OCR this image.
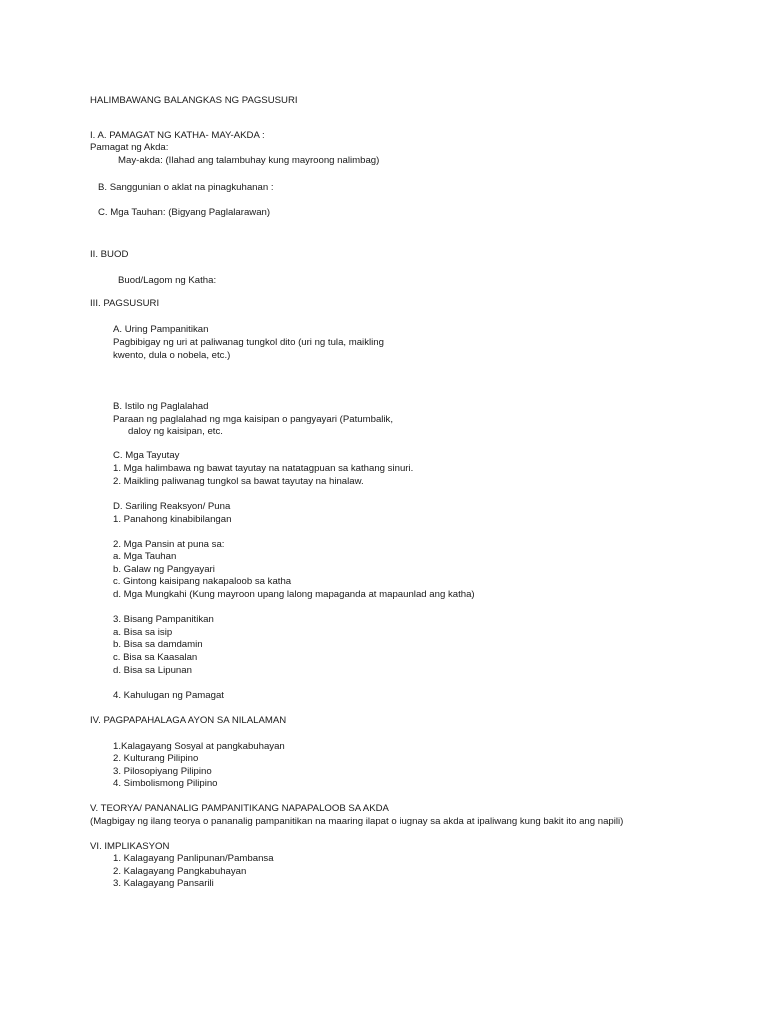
HALIMBAWANG BALANGKAS NG PAGSUSURI
I. A. PAMAGAT NG KATHA- MAY-AKDA :
Pamagat ng Akda:
May-akda: (Ilahad ang talambuhay kung mayroong nalimbag)
B. Sanggunian o aklat na pinagkuhanan :
C. Mga Tauhan: (Bigyang Paglalarawan)
II. BUOD
Buod/Lagom ng Katha:
III. PAGSUSURI
A. Uring Pampanitikan
Pagbibigay ng uri at paliwanag tungkol dito (uri ng tula, maikling
kwento, dula o nobela, etc.)
B. Istilo ng Paglalahad
Paraan ng paglalahad ng mga kaisipan o pangyayari (Patumbalik,
daloy ng kaisipan, etc.
C. Mga Tayutay
1. Mga halimbawa ng bawat tayutay na natatagpuan sa kathang sinuri.
2. Maikling paliwanag tungkol sa bawat tayutay na hinalaw.
D. Sariling Reaksyon/ Puna
1. Panahong kinabibilangan
2. Mga Pansin at puna sa:
a. Mga Tauhan
b. Galaw ng Pangyayari
c. Gintong kaisipang nakapaloob sa katha
d. Mga Mungkahi (Kung mayroon upang lalong mapaganda at mapaunlad ang katha)
3. Bisang Pampanitikan
a. Bisa sa isip
b. Bisa sa damdamin
c. Bisa sa Kaasalan
d. Bisa sa Lipunan
4. Kahulugan ng Pamagat
IV. PAGPAPAHALAGA AYON SA NILALAMAN
1.Kalagayang Sosyal at pangkabuhayan
2. Kulturang Pilipino
3. Pilosopiyang Pilipino
4. Simbolismong Pilipino
V. TEORYA/ PANANALIG PAMPANITIKANG NAPAPALOOB SA AKDA
(Magbigay ng ilang teorya o pananalig pampanitikan na maaring ilapat o iugnay sa akda at ipaliwang kung bakit ito ang napili)
VI. IMPLIKASYON
1. Kalagayang Panlipunan/Pambansa
2. Kalagayang Pangkabuhayan
3. Kalagayang Pansarili
